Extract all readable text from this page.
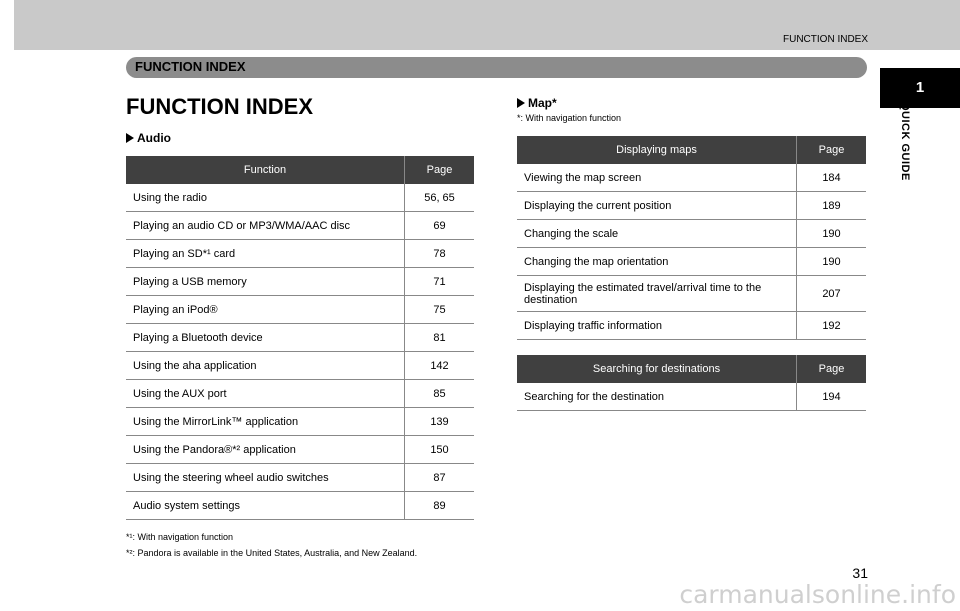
FUNCTION INDEX
1
QUICK GUIDE
FUNCTION INDEX
FUNCTION INDEX
Audio
Function	Page
Using the radio	56, 65
Playing an audio CD or MP3/WMA/AAC disc	69
Playing an SD*¹ card	78
Playing a USB memory	71
Playing an iPod®	75
Playing a Bluetooth device	81
Using the aha application	142
Using the AUX port	85
Using the MirrorLink™ application	139
Using the Pandora®*² application	150
Using the steering wheel audio switches	87
Audio system settings	89
*¹: With navigation function
*²: Pandora is available in the United States, Australia, and New Zealand.
Map*
*: With navigation function
Displaying maps	Page
Viewing the map screen	184
Displaying the current position	189
Changing the scale	190
Changing the map orientation	190
Displaying the estimated travel/arrival time to the destination	207
Displaying traffic information	192
Searching for destinations	Page
Searching for the destination	194
31
carmanualsonline.info
